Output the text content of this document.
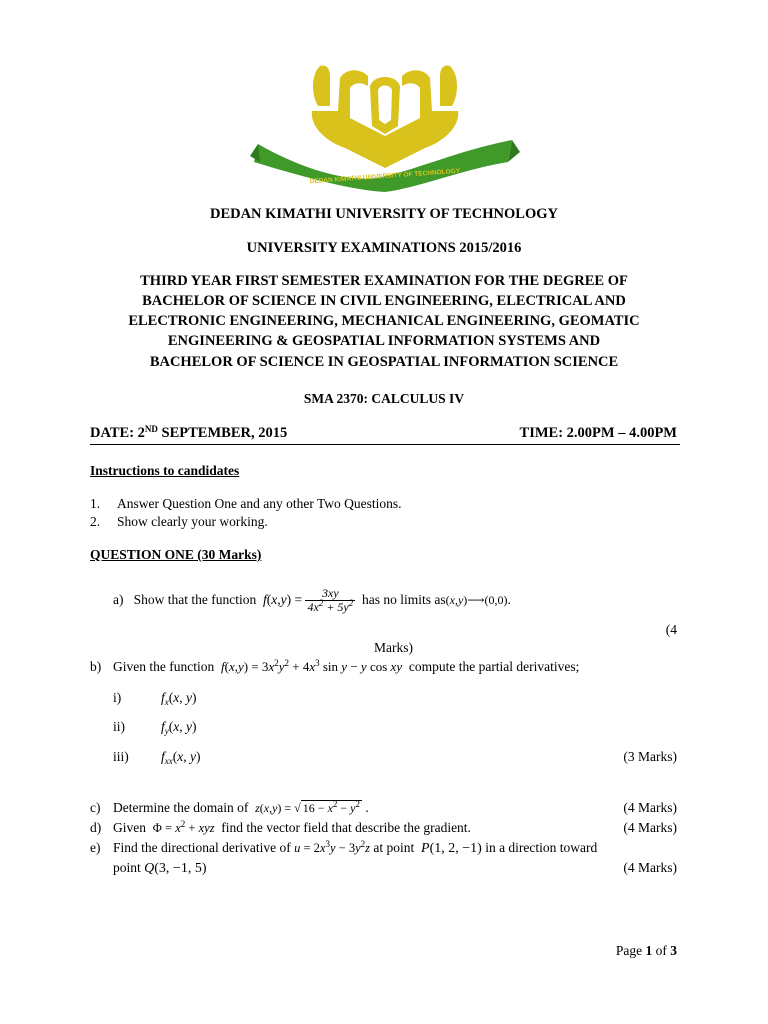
DEDAN KIMATHI UNIVERSITY OF TECHNOLOGY
DEDAN KIMATHI UNIVERSITY OF TECHNOLOGY
UNIVERSITY EXAMINATIONS 2015/2016
THIRD YEAR FIRST SEMESTER EXAMINATION FOR THE DEGREE OF
BACHELOR OF SCIENCE IN CIVIL ENGINEERING, ELECTRICAL AND
ELECTRONIC ENGINEERING, MECHANICAL ENGINEERING, GEOMATIC
ENGINEERING & GEOSPATIAL INFORMATION SYSTEMS AND
BACHELOR OF SCIENCE IN GEOSPATIAL INFORMATION SCIENCE
SMA 2370: CALCULUS IV
DATE: 2ND SEPTEMBER, 2015	TIME: 2.00PM – 4.00PM
Instructions to candidates
1. Answer Question One and any other Two Questions.
2. Show clearly your working.
QUESTION ONE (30 Marks)
a) Show that the function $f(x,y) = \frac{3xy}{4x^2 + 5y^2}$ has no limits as(x,y)⟶(0,0).
(4
Marks)
b) Given the function $f(x,y) = 3x^2y^2 + 4x^3$ sin y − y cos xy compute the partial derivatives;
i)	$f_x(x$, y)
ii)	$f_y(x$, y)
iii) $f_{xx}(x$, y)	(3 Marks)
c) Determine the domain of z(x,y) = √ $16 - x^2 - y^2$ .	(4 Marks)
d) Given $\Phi = x^2$ + xyz find the vector field that describe the gradient.	(4 Marks)
e) Find the directional derivative of $u = 2x^3y - 3y^2z$ at point P(1, 2, −1) in a direction toward
point Q(3, −1, 5)	(4 Marks)
Page 1 of 3
